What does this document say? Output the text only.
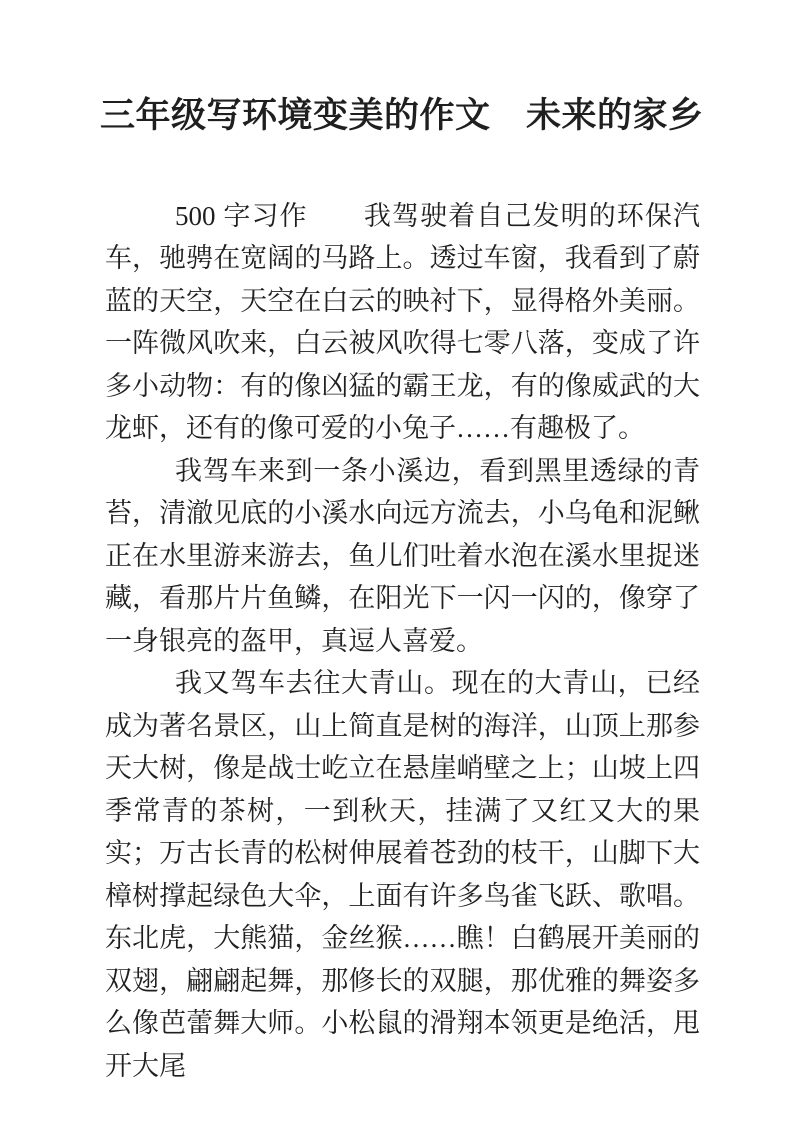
三年级写环境变美的作文　未来的家乡

500 字习作　　我驾驶着自己发明的环保汽车，驰骋在宽阔的马路上。透过车窗，我看到了蔚蓝的天空，天空在白云的映衬下，显得格外美丽。一阵微风吹来，白云被风吹得七零八落，变成了许多小动物：有的像凶猛的霸王龙，有的像威武的大龙虾，还有的像可爱的小兔子……有趣极了。

我驾车来到一条小溪边，看到黑里透绿的青苔，清澈见底的小溪水向远方流去，小乌龟和泥鳅正在水里游来游去，鱼儿们吐着水泡在溪水里捉迷藏，看那片片鱼鳞，在阳光下一闪一闪的，像穿了一身银亮的盔甲，真逗人喜爱。

我又驾车去往大青山。现在的大青山，已经成为著名景区，山上简直是树的海洋，山顶上那参天大树，像是战士屹立在悬崖峭壁之上；山坡上四季常青的茶树，一到秋天，挂满了又红又大的果实；万古长青的松树伸展着苍劲的枝干，山脚下大樟树撑起绿色大伞，上面有许多鸟雀飞跃、歌唱。东北虎，大熊猫，金丝猴……瞧！白鹤展开美丽的双翅，翩翩起舞，那修长的双腿，那优雅的舞姿多么像芭蕾舞大师。小松鼠的滑翔本领更是绝活，甩开大尾
